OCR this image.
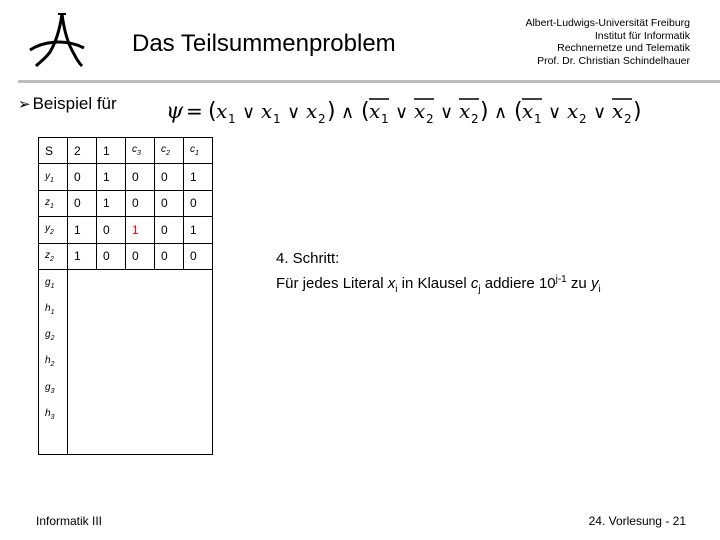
Das Teilsummenproblem
Albert-Ludwigs-Universität Freiburg
Institut für Informatik
Rechnernetze und Telematik
Prof. Dr. Christian Schindelhauer
➢ Beispiel für ψ = ( x 1 ∨ x 1 ∨ x 2 ) ∧ ( x 1 ∨ x 2 ∨ x 2 ) ∧ ( x 1 ∨ x 2 ∨ x 2 )
S	2	1	$c_3$	$c_2$	$c_1$
$y_1$	0	1	0	0	1
$z_1$	0	1	0	0	0
$y_2$	1	0	1	0	1
$z_2$	1	0	0	0	0
$g_1$	
$h_1$
$g_2$
$h_2$
$g_3$
$h_3$

4. Schritt:
Für jedes Literal $x_i$ in Klausel $c_j$ addiere 10$^{j-1}$ zu $y_i$
Informatik III	24. Vorlesung - 21
